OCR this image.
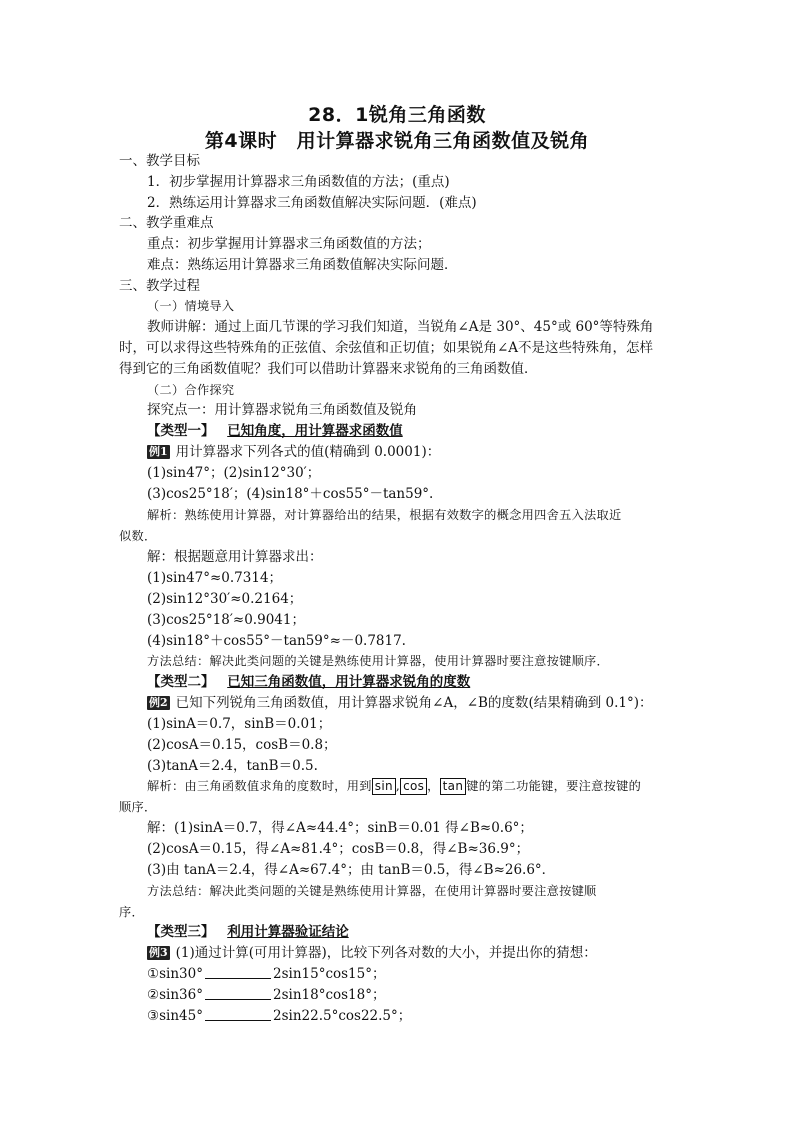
28．1锐角三角函数
第4课时　用计算器求锐角三角函数值及锐角
一、教学目标
1．初步掌握用计算器求三角函数值的方法；(重点)
2．熟练运用计算器求三角函数值解决实际问题．(难点)
二、教学重难点
重点：初步掌握用计算器求三角函数值的方法；
难点：熟练运用计算器求三角函数值解决实际问题．
三、教学过程
（一）情境导入
教师讲解：通过上面几节课的学习我们知道，当锐角∠A是 30°、45°或 60°等特殊角
时，可以求得这些特殊角的正弦值、余弦值和正切值；如果锐角∠A不是这些特殊角，怎样
得到它的三角函数值呢？我们可以借助计算器来求锐角的三角函数值．
（二）合作探究
探究点一：用计算器求锐角三角函数值及锐角
【类型一】 已知角度，用计算器求函数值
例1 用计算器求下列各式的值(精确到 0.0001)：
(1)sin47°；(2)sin12°30′；
(3)cos25°18′；(4)sin18°＋cos55°－tan59°.
解析：熟练使用计算器，对计算器给出的结果，根据有效数字的概念用四舍五入法取近
似数．
解：根据题意用计算器求出：
(1)sin47°≈0.7314；
(2)sin12°30′≈0.2164；
(3)cos25°18′≈0.9041；
(4)sin18°＋cos55°－tan59°≈－0.7817.
方法总结：解决此类问题的关键是熟练使用计算器，使用计算器时要注意按键顺序．
【类型二】 已知三角函数值，用计算器求锐角的度数
例2 已知下列锐角三角函数值，用计算器求锐角∠A，∠B的度数(结果精确到 0.1°)：
(1)sinA＝0.7，sinB＝0.01；
(2)cosA＝0.15，cosB＝0.8；
(3)tanA＝2.4，tanB＝0.5.
解析：由三角函数值求角的度数时，用到 sin , cos ， tan 键的第二功能键，要注意按键的
顺序．
解：(1)sinA＝0.7，得∠A≈44.4°；sinB＝0.01 得∠B≈0.6°；
(2)cosA＝0.15，得∠A≈81.4°；cosB＝0.8，得∠B≈36.9°；
(3)由 tanA＝2.4，得∠A≈67.4°；由 tanB＝0.5，得∠B≈26.6°．
方法总结：解决此类问题的关键是熟练使用计算器，在使用计算器时要注意按键顺
序．
【类型三】 利用计算器验证结论
例3 (1)通过计算(可用计算器)，比较下列各对数的大小，并提出你的猜想：
①sin30°	2sin15°cos15°；
②sin36°	2sin18°cos18°；
③sin45°	2sin22.5°cos22.5°；
